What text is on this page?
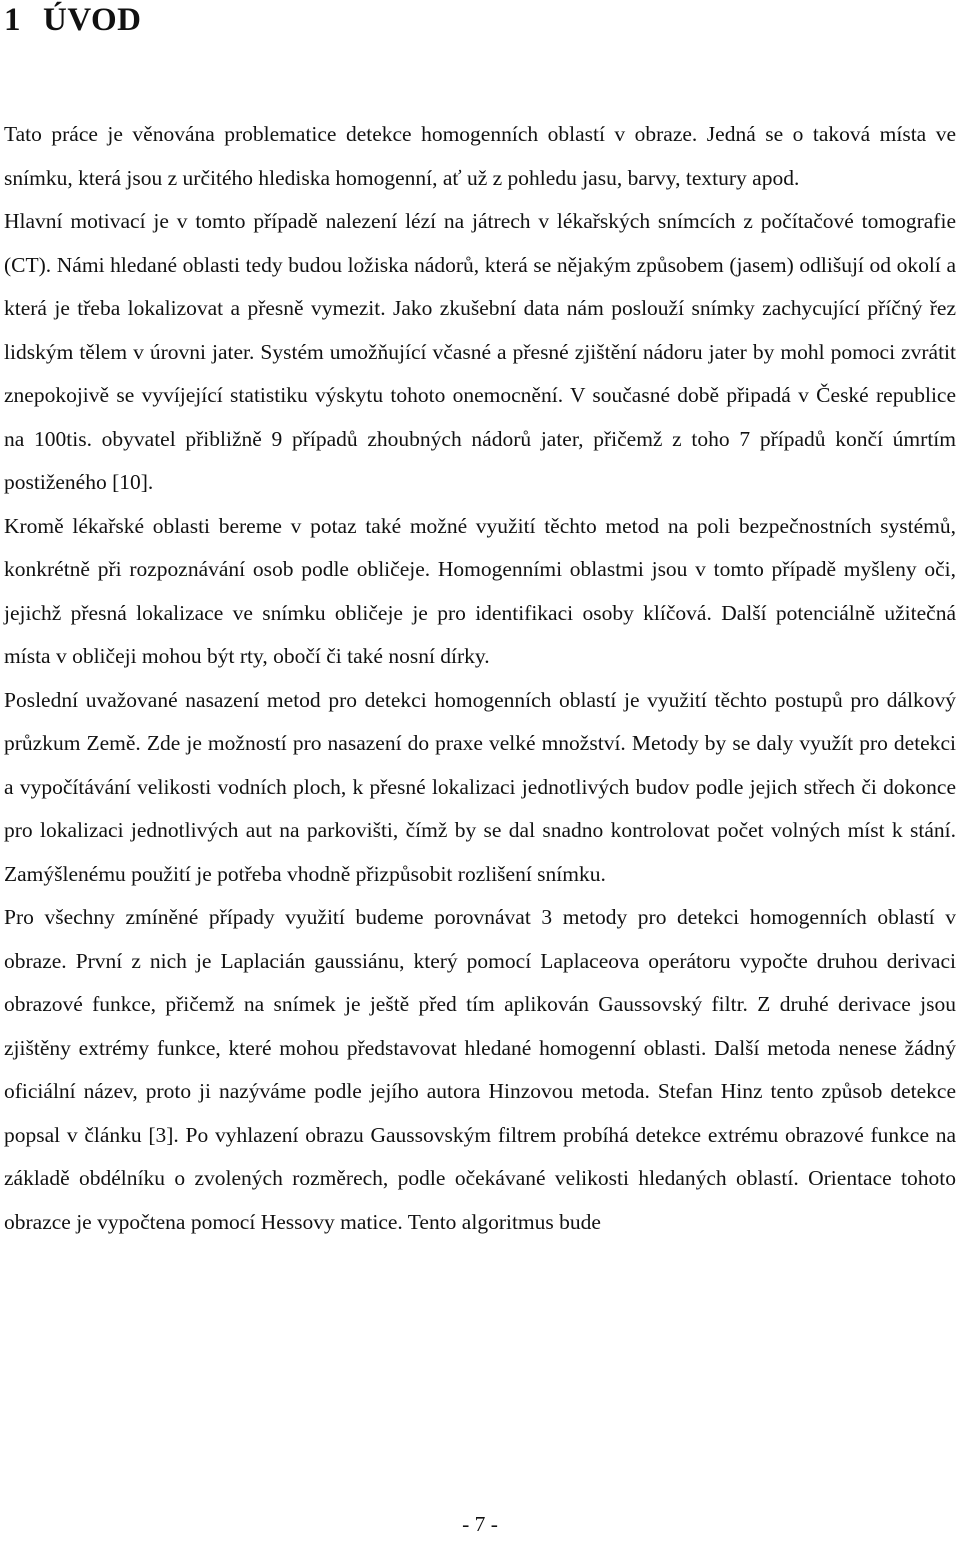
1 ÚVOD

Tato práce je věnována problematice detekce homogenních oblastí v obraze. Jedná se o taková místa ve snímku, která jsou z určitého hlediska homogenní, ať už z pohledu jasu, barvy, textury apod.

Hlavní motivací je v tomto případě nalezení lézí na játrech v lékařských snímcích z počítačové tomografie (CT). Námi hledané oblasti tedy budou ložiska nádorů, která se nějakým způsobem (jasem) odlišují od okolí a která je třeba lokalizovat a přesně vymezit. Jako zkušební data nám poslouží snímky zachycující příčný řez lidským tělem v úrovni jater. Systém umožňující včasné a přesné zjištění nádoru jater by mohl pomoci zvrátit znepokojivě se vyvíjející statistiku výskytu tohoto onemocnění. V současné době připadá v České republice na 100tis. obyvatel přibližně 9 případů zhoubných nádorů jater, přičemž z toho 7 případů končí úmrtím postiženého [10].

Kromě lékařské oblasti bereme v potaz také možné využití těchto metod na poli bezpečnostních systémů, konkrétně při rozpoznávání osob podle obličeje. Homogenními oblastmi jsou v tomto případě myšleny oči, jejichž přesná lokalizace ve snímku obličeje je pro identifikaci osoby klíčová. Další potenciálně užitečná místa v obličeji mohou být rty, obočí či také nosní dírky.

Poslední uvažované nasazení metod pro detekci homogenních oblastí je využití těchto postupů pro dálkový průzkum Země. Zde je možností pro nasazení do praxe velké množství. Metody by se daly využít pro detekci a vypočítávání velikosti vodních ploch, k přesné lokalizaci jednotlivých budov podle jejich střech či dokonce pro lokalizaci jednotlivých aut na parkovišti, čímž by se dal snadno kontrolovat počet volných míst k stání. Zamýšlenému použití je potřeba vhodně přizpůsobit rozlišení snímku.

Pro všechny zmíněné případy využití budeme porovnávat 3 metody pro detekci homogenních oblastí v obraze. První z nich je Laplacián gaussiánu, který pomocí Laplaceova operátoru vypočte druhou derivaci obrazové funkce, přičemž na snímek je ještě před tím aplikován Gaussovský filtr. Z druhé derivace jsou zjištěny extrémy funkce, které mohou představovat hledané homogenní oblasti. Další metoda nenese žádný oficiální název, proto ji nazýváme podle jejího autora Hinzovou metoda. Stefan Hinz tento způsob detekce popsal v článku [3]. Po vyhlazení obrazu Gaussovským filtrem probíhá detekce extrému obrazové funkce na základě obdélníku o zvolených rozměrech, podle očekávané velikosti hledaných oblastí. Orientace tohoto obrazce je vypočtena pomocí Hessovy matice. Tento algoritmus bude

- 7 -
